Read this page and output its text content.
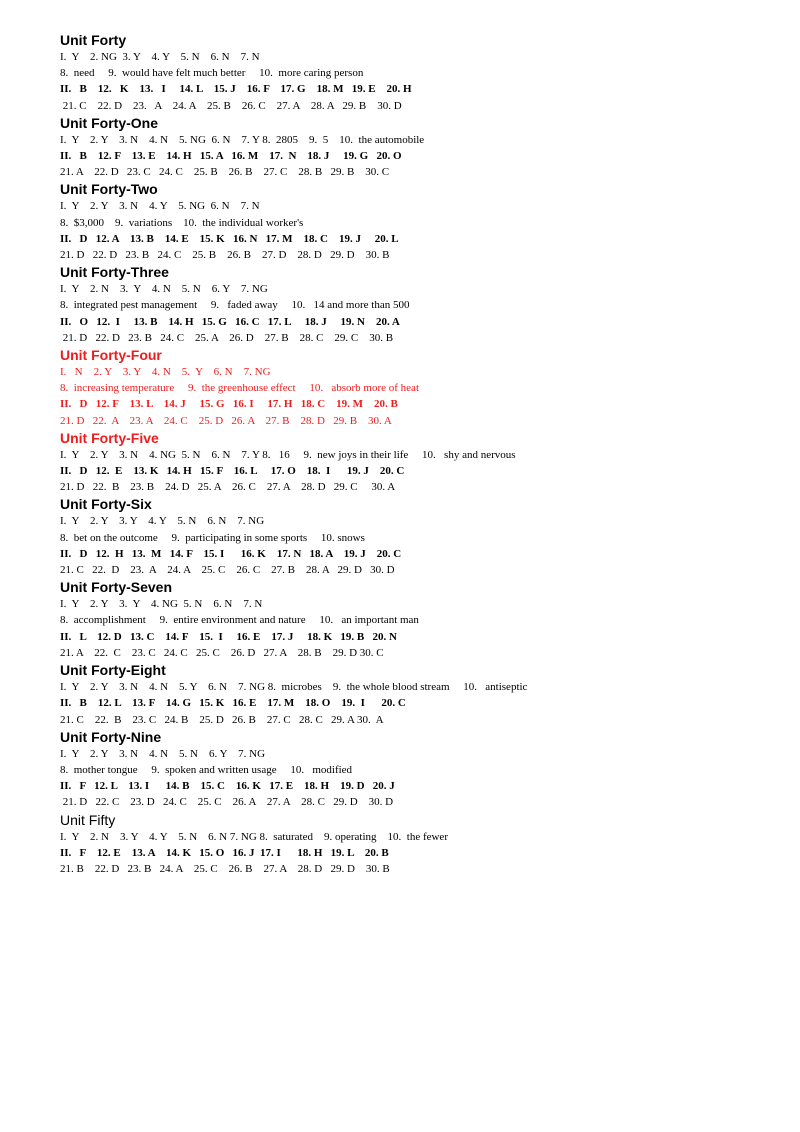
Unit Forty
I.  Y    2. NG  3. Y    4. Y    5. N    6. N    7. N
8.  need     9.  would have felt much better     10.  more caring person
II.   B    12.   K    13.   I     14. L    15. J    16. F    17. G    18. M   19. E    20. H
21. C    22. D    23.   A    24. A    25. B    26. C    27. A    28. A   29. B    30. D
Unit Forty-One
I.  Y    2. Y    3. N    4. N    5. NG  6. N    7. Y 8.  2805    9.  5    10.  the automobile
II.   B    12. F    13. E    14. H   15. A   16. M    17.  N    18. J     19. G   20. O
21. A    22. D   23. C   24. C    25. B    26. B    27. C    28. B   29. B    30. C
Unit Forty-Two
I.  Y    2. Y    3. N    4. Y    5. NG  6. N    7. N
8.  $3,000    9.  variations    10.  the individual worker's
II.   D   12. A    13. B    14. E    15. K   16. N   17. M    18. C    19. J     20. L
21. D   22. D   23. B   24. C    25. B    26. B    27. D    28. D   29. D    30. B
Unit Forty-Three
I.  Y    2. N    3.  Y    4. N    5. N    6. Y    7. NG
8.  integrated pest management     9.   faded away     10.   14 and more than 500
II.   O   12.  I     13. B    14. H   15. G   16. C   17. L     18. J     19. N    20. A
21. D   22. D   23. B   24. C    25. A    26. D    27. B    28. C    29. C    30. B
Unit Forty-Four
I.   N    2. Y    3. Y    4. N    5.  Y    6. N    7. NG
8.  increasing temperature     9.  the greenhouse effect     10.   absorb more of heat
II.   D   12. F    13. L    14. J     15. G   16. I     17. H   18. C    19. M    20. B
21. D   22.  A    23. A    24. C    25. D   26. A    27. B    28. D   29. B    30. A
Unit Forty-Five
I.  Y    2. Y    3. N    4. NG  5. N    6. N    7. Y 8.   16     9.  new joys in their life     10.   shy and nervous
II.   D   12.  E    13. K   14. H   15. F    16. L     17. O    18.  I      19. J    20. C
21. D   22.  B    23. B    24. D   25. A    26. C    27. A    28. D   29. C     30. A
Unit Forty-Six
I.  Y    2. Y    3. Y    4. Y    5. N    6. N    7. NG
8.  bet on the outcome     9.  participating in some sports     10. snows
II.   D   12.  H   13.  M   14. F    15. I      16. K    17. N   18. A    19. J    20. C
21. C   22.  D    23.  A    24. A    25. C    26. C    27. B    28. A   29. D   30. D
Unit Forty-Seven
I.  Y    2. Y    3.  Y    4. NG  5. N    6. N    7. N
8.  accomplishment     9.  entire environment and nature     10.   an important man
II.   L    12. D   13. C    14. F    15.  I     16. E    17. J     18. K   19. B   20. N
21. A    22.  C    23. C   24. C   25. C    26. D   27. A    28. B    29. D 30. C
Unit Forty-Eight
I.  Y    2. Y    3. N    4. N    5. Y    6. N    7. NG 8.  microbes    9.  the whole blood stream     10.   antiseptic
II.   B    12. L    13. F    14. G   15. K   16. E    17. M    18. O    19.  I      20. C
21. C    22.  B    23. C   24. B    25. D   26. B    27. C   28. C   29. A 30.  A
Unit Forty-Nine
I.  Y    2. Y    3. N    4. N    5. N    6. Y    7. NG
8.  mother tongue     9.  spoken and written usage     10.   modified
II.   F   12. L    13. I      14. B    15. C    16. K   17. E    18. H    19. D   20. J
21. D   22. C    23. D   24. C    25. C    26. A    27. A    28. C   29. D    30. D
Unit Fifty
I.  Y    2. N    3. Y    4. Y    5. N    6. N 7. NG 8.  saturated    9. operating    10.  the fewer
II.   F    12. E    13. A    14. K   15. O   16. J  17. I      18. H   19. L    20. B
21. B    22. D   23. B   24. A    25. C    26. B    27. A    28. D   29. D    30. B
